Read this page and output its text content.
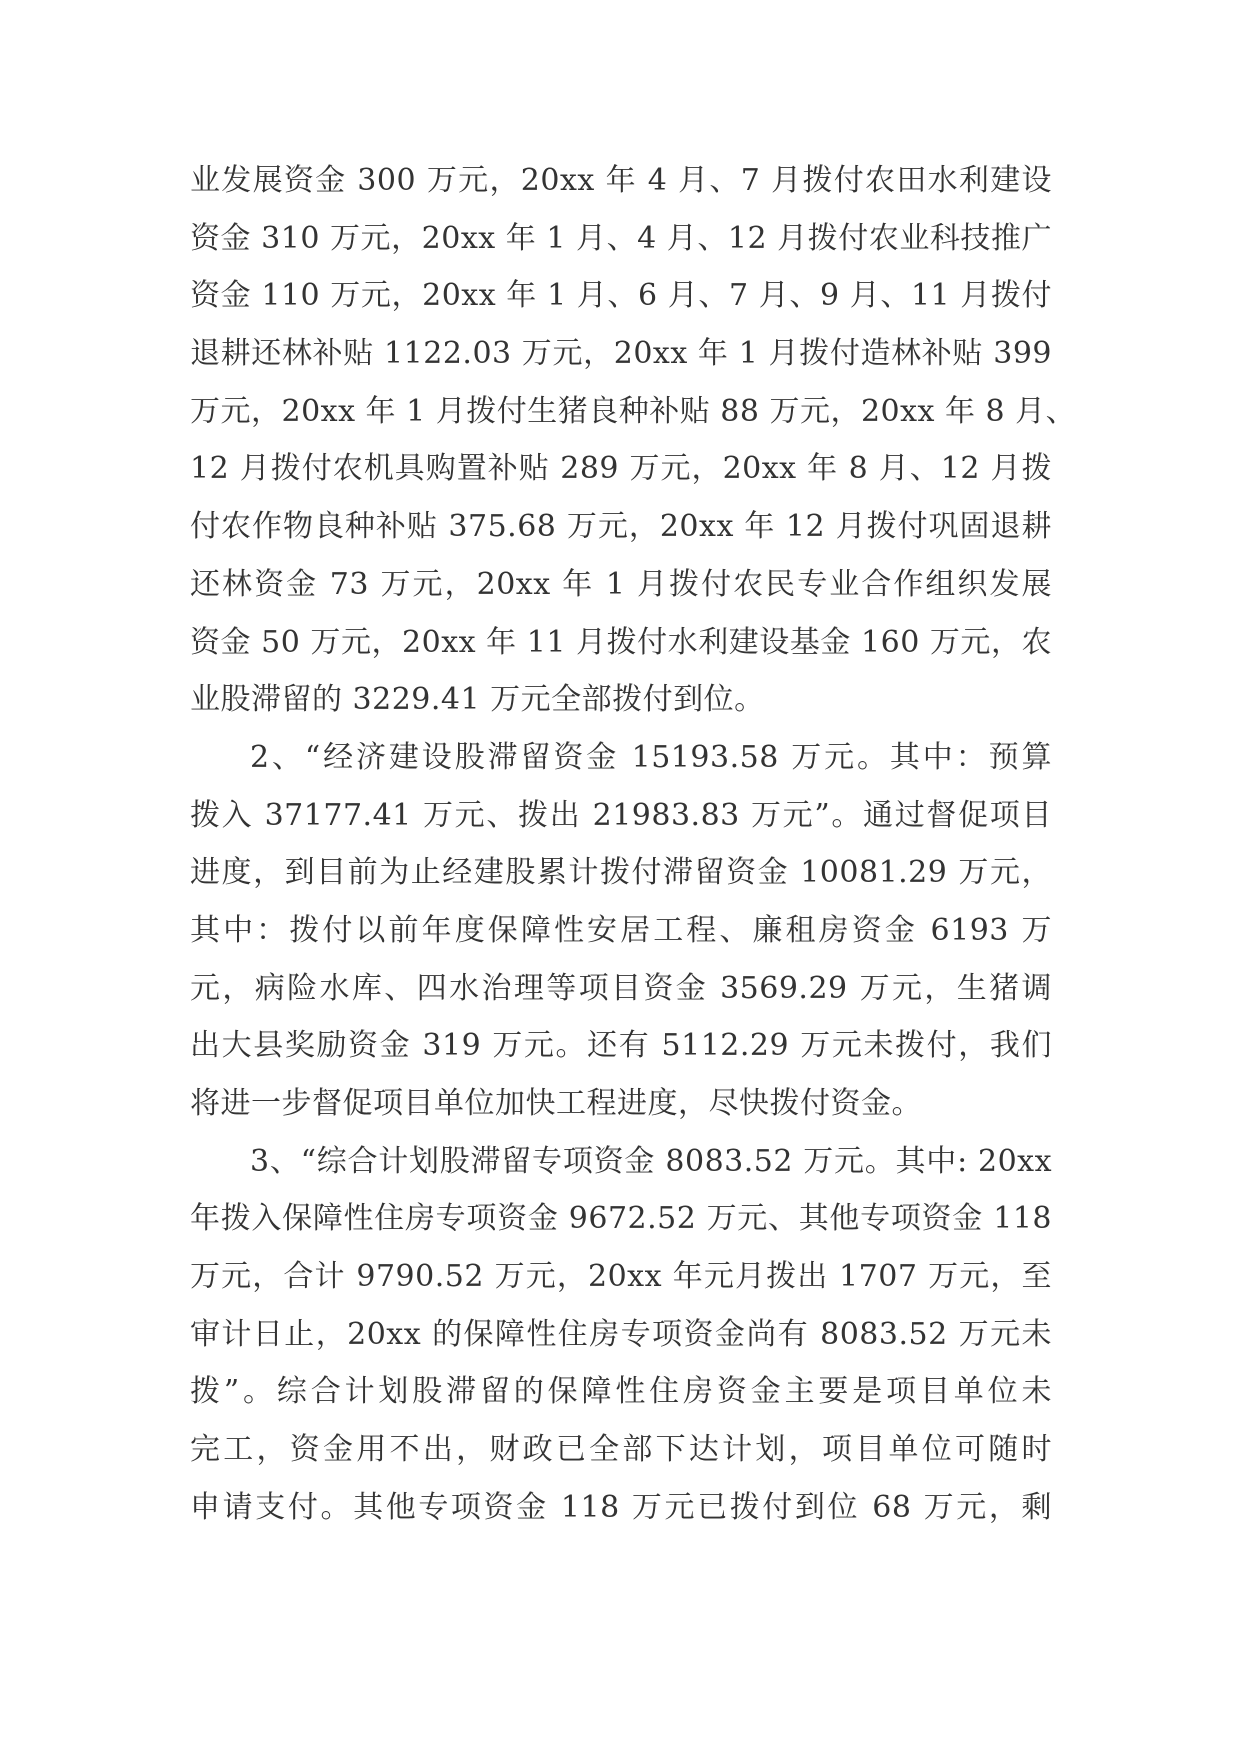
业发展资金 300 万元，20xx 年 4 月、7 月拨付农田水利建设
资金 310 万元，20xx 年 1 月、4 月、12 月拨付农业科技推广
资金 110 万元，20xx 年 1 月、6 月、7 月、9 月、11 月拨付
退耕还林补贴 1122.03 万元，20xx 年 1 月拨付造林补贴 399
万元，20xx 年 1 月拨付生猪良种补贴 88 万元，20xx 年 8 月、
12 月拨付农机具购置补贴 289 万元，20xx 年 8 月、12 月拨
付农作物良种补贴 375.68 万元，20xx 年 12 月拨付巩固退耕
还林资金 73 万元，20xx 年 1 月拨付农民专业合作组织发展
资金 50 万元，20xx 年 11 月拨付水利建设基金 160 万元，农
业股滞留的 3229.41 万元全部拨付到位。
2、“经济建设股滞留资金 15193.58 万元。其中：预算
拨入 37177.41 万元、拨出 21983.83 万元”。通过督促项目
进度，到目前为止经建股累计拨付滞留资金 10081.29 万元，
其中：拨付以前年度保障性安居工程、廉租房资金 6193 万
元，病险水库、四水治理等项目资金 3569.29 万元，生猪调
出大县奖励资金 319 万元。还有 5112.29 万元未拨付，我们
将进一步督促项目单位加快工程进度，尽快拨付资金。
3、“综合计划股滞留专项资金 8083.52 万元。其中: 20xx
年拨入保障性住房专项资金 9672.52 万元、其他专项资金 118
万元，合计 9790.52 万元，20xx 年元月拨出 1707 万元，至
审计日止，20xx 的保障性住房专项资金尚有 8083.52 万元未
拨”。综合计划股滞留的保障性住房资金主要是项目单位未
完工，资金用不出，财政已全部下达计划，项目单位可随时
申请支付。其他专项资金 118 万元已拨付到位 68 万元，剩
